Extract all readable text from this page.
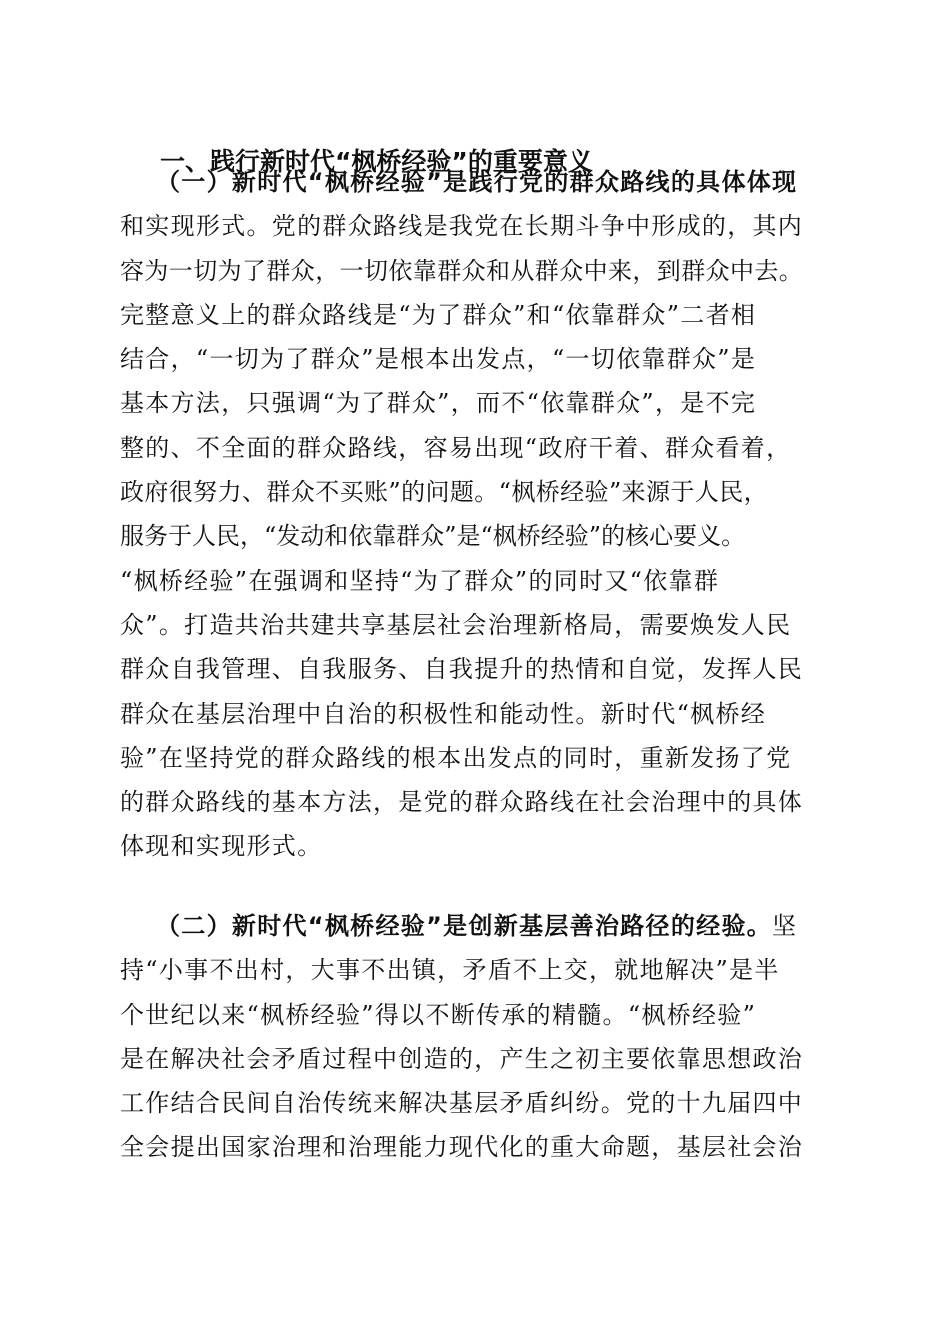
一、践行新时代“枫桥经验”的重要意义
（一）新时代“枫桥经验”是践行党的群众路线的具体体现
和实现形式。党的群众路线是我党在长期斗争中形成的，其内
容为一切为了群众，一切依靠群众和从群众中来，到群众中去。
完整意义上的群众路线是“为了群众”和“依靠群众”二者相
结合，“一切为了群众”是根本出发点，“一切依靠群众”是
基本方法，只强调“为了群众”，而不“依靠群众”，是不完
整的、不全面的群众路线，容易出现“政府干着、群众看着，
政府很努力、群众不买账”的问题。“枫桥经验”来源于人民，
服务于人民，“发动和依靠群众”是“枫桥经验”的核心要义。
“枫桥经验”在强调和坚持“为了群众”的同时又“依靠群
众”。打造共治共建共享基层社会治理新格局，需要焕发人民
群众自我管理、自我服务、自我提升的热情和自觉，发挥人民
群众在基层治理中自治的积极性和能动性。新时代“枫桥经
验”在坚持党的群众路线的根本出发点的同时，重新发扬了党
的群众路线的基本方法，是党的群众路线在社会治理中的具体
体现和实现形式。
（二）新时代“枫桥经验”是创新基层善治路径的经验。坚
持“小事不出村，大事不出镇，矛盾不上交，就地解决”是半
个世纪以来“枫桥经验”得以不断传承的精髓。“枫桥经验”
是在解决社会矛盾过程中创造的，产生之初主要依靠思想政治
工作结合民间自治传统来解决基层矛盾纠纷。党的十九届四中
全会提出国家治理和治理能力现代化的重大命题，基层社会治
